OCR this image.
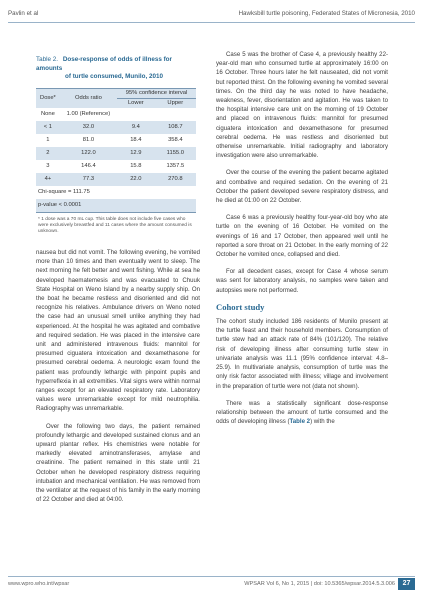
Pavlin et al	Hawksbill turtle poisoning, Federated States of Micronesia, 2010
Table 2. Dose-response of odds of illness for amounts
of turtle consumed, Munilo, 2010
Dose*	Odds ratio	95% confidence interval	
		Lower	Upper
None	1.00 (Reference)		
< 1	32.0	9.4	108.7
1	81.0	18.4	358.4
2	122.0	12.9	1155.0
3	146.4	15.8	1357.5
4+	77.3	22.0	270.8
Chi-square = 111.75			
p-value < 0.0001			
* 1 dose was a 70 mL cup. This table does not include five cases who were exclusively breastfed and 11 cases where the amount consumed is unknown.

nausea but did not vomit. The following evening, he vomited more than 10 times and then eventually went to sleep. The next morning he felt better and went fishing. While at sea he developed haematemesis and was evacuated to Chuuk State Hospital on Weno Island by a nearby supply ship. On the boat he became restless and disoriented and did not recognize his relatives. Ambulance drivers on Weno noted the case had an unusual smell unlike anything they had experienced. At the hospital he was agitated and combative and required sedation. He was placed in the intensive care unit and administered intravenous fluids: mannitol for presumed ciguatera intoxication and dexamethasone for presumed cerebral oedema. A neurologic exam found the patient was profoundly lethargic with pinpoint pupils and hyperreflexia in all extremities. Vital signs were within normal ranges except for an elevated respiratory rate. Laboratory values were unremarkable except for mild neutrophilia. Radiography was unremarkable.

Over the following two days, the patient remained profoundly lethargic and developed sustained clonus and an upward plantar reflex. His chemistries were notable for markedly elevated aminotransferases, amylase and creatinine. The patient remained in this state until 21 October when he developed respiratory distress requiring intubation and mechanical ventilation. He was removed from the ventilator at the request of his family in the early morning of 22 October and died at 04:00.

Case 5 was the brother of Case 4, a previously healthy 22-year-old man who consumed turtle at approximately 16:00 on 16 October. Three hours later he felt nauseated, did not vomit but reported thirst. On the following evening he vomited several times. On the third day he was noted to have headache, weakness, fever, disorientation and agitation. He was taken to the hospital intensive care unit on the morning of 19 October and placed on intravenous fluids: mannitol for presumed ciguatera intoxication and dexamethasone for presumed cerebral oedema. He was restless and disoriented but otherwise unremarkable. Initial radiography and laboratory investigation were also unremarkable.

Over the course of the evening the patient became agitated and combative and required sedation. On the evening of 21 October the patient developed severe respiratory distress, and he died at 01:00 on 22 October.

Case 6 was a previously healthy four-year-old boy who ate turtle on the evening of 16 October. He vomited on the evenings of 16 and 17 October, then appeared well until he reported a sore throat on 21 October. In the early morning of 22 October he vomited once, collapsed and died.

For all decedent cases, except for Case 4 whose serum was sent for laboratory analysis, no samples were taken and autopsies were not performed.

Cohort study

The cohort study included 186 residents of Munilo present at the turtle feast and their household members. Consumption of turtle stew had an attack rate of 84% (101/120). The relative risk of developing illness after consuming turtle stew in univariate analysis was 11.1 (95% confidence interval: 4.8–25.9). In multivariate analysis, consumption of turtle was the only risk factor associated with illness; village and involvement in the preparation of turtle were not (data not shown).

There was a statistically significant dose-response relationship between the amount of turtle consumed and the odds of developing illness (Table 2) with the

www.wpro.who.int/wpsar	WPSAR Vol 6, No 1, 2015 | doi: 10.5365/wpsar.2014.5.3.006	27
